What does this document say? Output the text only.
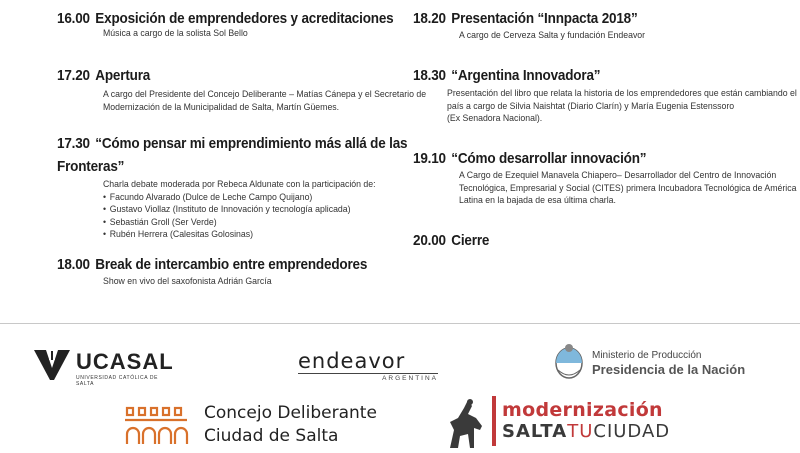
16.00 Exposición de emprendedores y acreditaciones
Música a cargo de la solista Sol Bello
17.20 Apertura
A cargo del Presidente del Concejo Deliberante – Matías Cánepa y el Secretario de
Modernización de la Municipalidad de Salta, Martín Güemes.
17.30 “Cómo pensar mi emprendimiento más allá de las
Fronteras”
Charla debate moderada por Rebeca Aldunate con la participación de:
• Facundo Alvarado (Dulce de Leche Campo Quijano)
• Gustavo Viollaz (Instituto de Innovación y tecnología aplicada)
• Sebastián Groll (Ser Verde)
• Rubén Herrera (Calesitas Golosinas)
18.00 Break de intercambio entre emprendedores
Show en vivo del saxofonista Adrián García
18.20 Presentación “Innpacta 2018”
A cargo de Cerveza Salta y fundación Endeavor
18.30 “Argentina Innovadora”
Presentación del libro que relata la historia de los emprendedores que están cambiando el
país a cargo de Silvia Naishtat (Diario Clarín) y María Eugenia Estenssoro
(Ex Senadora Nacional).
19.10 “Cómo desarrollar innovación”
A Cargo de Ezequiel Manavela Chiapero– Desarrollador del Centro de Innovación
Tecnológica, Empresarial y Social (CITES) primera Incubadora Tecnológica de América
Latina en la bajada de esa última charla.
20.00 Cierre
UCASAL
UNIVERSIDAD CATÓLICA DE SALTA
endeavor
ARGENTINA
Ministerio de Producción
Presidencia de la Nación
Concejo Deliberante
Ciudad de Salta
modernización
SALTATUCIUDAD
